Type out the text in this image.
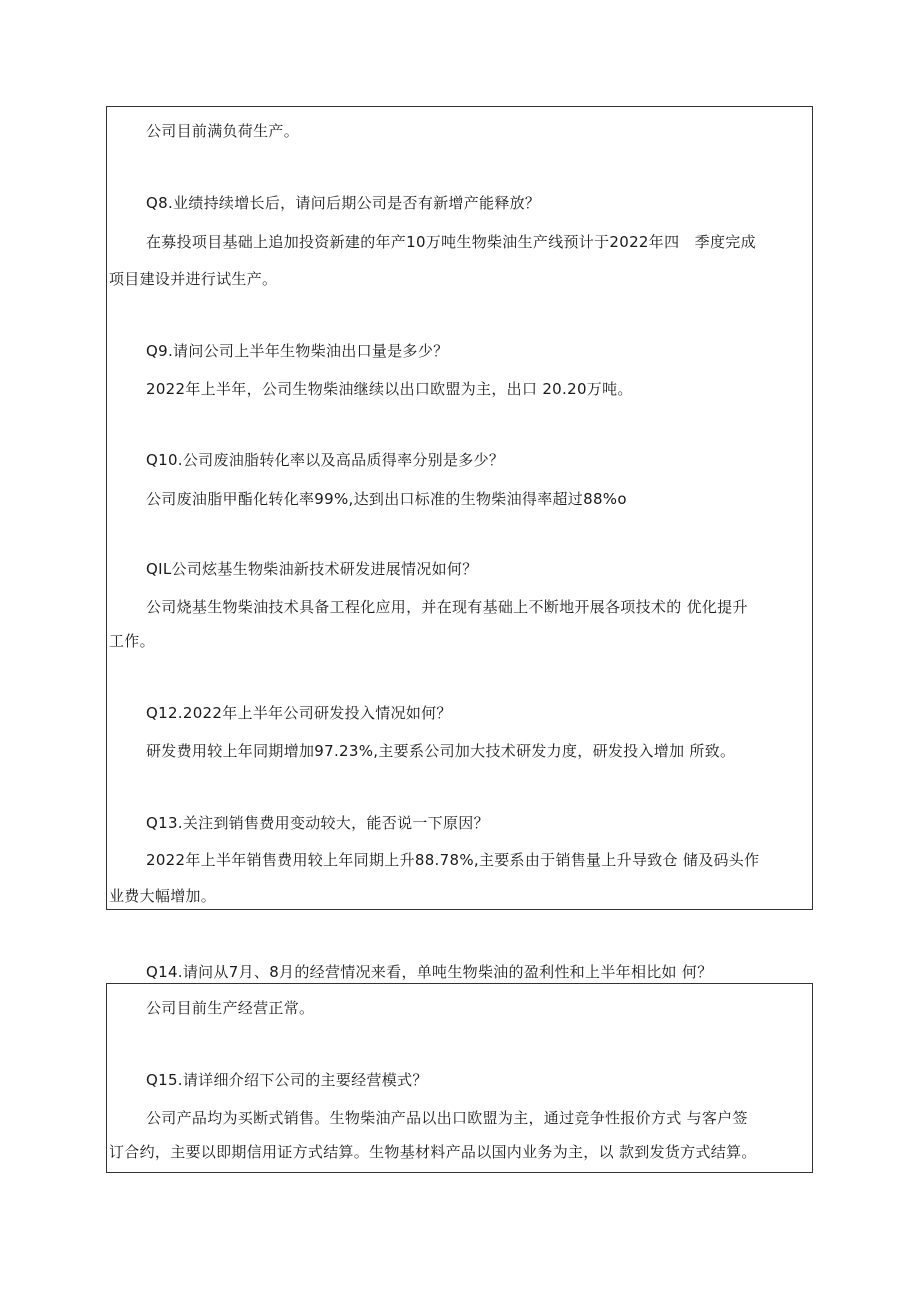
公司目前满负荷生产。
Q8.业绩持续增长后，请问后期公司是否有新增产能释放？
在募投项目基础上追加投资新建的年产10万吨生物柴油生产线预计于2022年四　季度完成
项目建设并进行试生产。
Q9.请问公司上半年生物柴油出口量是多少？
2022年上半年，公司生物柴油继续以出口欧盟为主，出口 20.20万吨。
Q10.公司废油脂转化率以及高品质得率分别是多少？
公司废油脂甲酯化转化率99%,达到出口标准的生物柴油得率超过88%o
QIL公司炫基生物柴油新技术研发进展情况如何？
公司烧基生物柴油技术具备工程化应用，并在现有基础上不断地开展各项技术的 优化提升
工作。
Q12.2022年上半年公司研发投入情况如何？
研发费用较上年同期增加97.23%,主要系公司加大技术研发力度，研发投入增加 所致。
Q13.关注到销售费用变动较大，能否说一下原因？
2022年上半年销售费用较上年同期上升88.78%,主要系由于销售量上升导致仓 储及码头作
业费大幅增加。
Q14.请问从7月、8月的经营情况来看，单吨生物柴油的盈利性和上半年相比如 何？
公司目前生产经营正常。
Q15.请详细介绍下公司的主要经营模式？
公司产品均为买断式销售。生物柴油产品以出口欧盟为主，通过竞争性报价方式 与客户签
订合约，主要以即期信用证方式结算。生物基材料产品以国内业务为主，以 款到发货方式结算。
